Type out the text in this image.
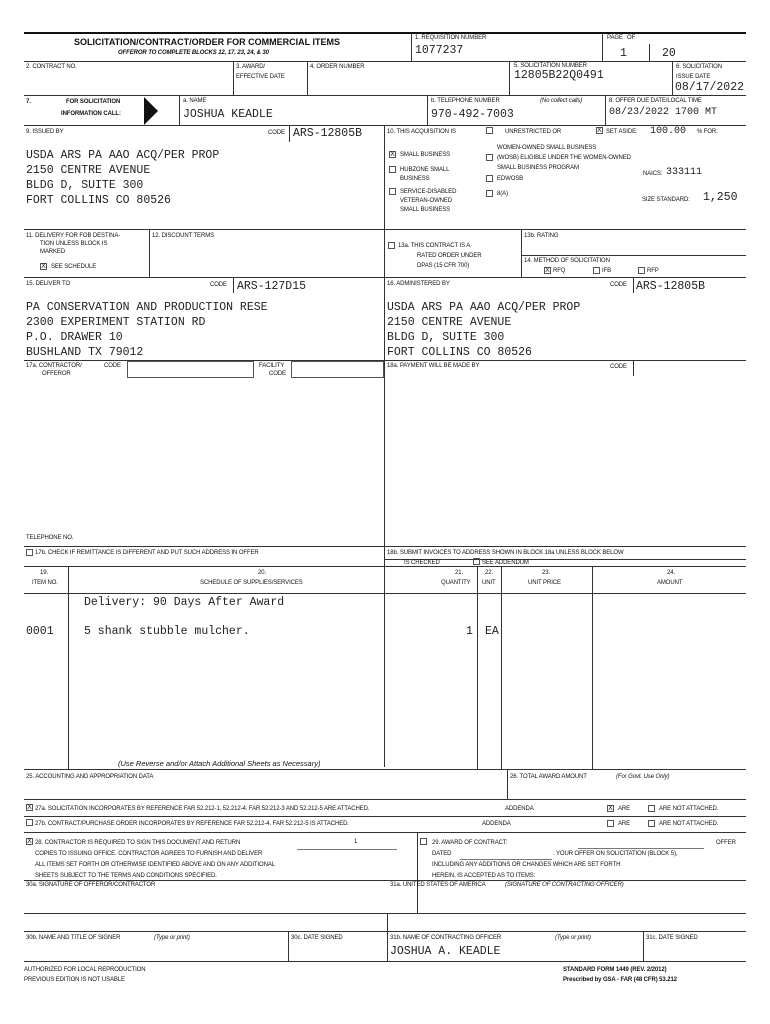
SOLICITATION/CONTRACT/ORDER FOR COMMERCIAL ITEMS
OFFEROR TO COMPLETE BLOCKS 12, 17, 23, 24, & 30
1. REQUISITION NUMBER
1077237
PAGE OF
1	20
2. CONTRACT NO.	3. AWARD/
EFFECTIVE DATE
4. ORDER NUMBER	5. SOLICITATION NUMBER
12805B22Q0491
6. SOLICITATION
ISSUE DATE
08/17/2022
7.	FOR SOLICITATION
INFORMATION CALL:
a. NAME
JOSHUA KEADLE
b. TELEPHONE NUMBER	(No collect calls)
970-492-7003
8. OFFER DUE DATE/LOCAL TIME
08/23/2022 1700 MT
9. ISSUED BY	CODE ARS-12805B
USDA ARS PA AAO ACQ/PER PROP
2150 CENTRE AVENUE
BLDG D, SUITE 300
FORT COLLINS CO 80526
10. THIS ACQUISITION IS	UNRESTRICTED OR	X SET ASIDE: 100.00 % FOR:
X SMALL BUSINESS
HUBZONE SMALL
BUSINESS
SERVICE-DISABLED
VETERAN-OWNED
SMALL BUSINESS
WOMEN-OWNED SMALL BUSINESS
(WOSB) ELIGIBLE UNDER THE WOMEN-OWNED
SMALL BUSINESS PROGRAM
EDWOSB
8(A)
NAICS: 333111
SIZE STANDARD: 1,250
11. DELIVERY FOR FOB DESTINA-
TION UNLESS BLOCK IS
MARKED
X SEE SCHEDULE
12. DISCOUNT TERMS
13a. THIS CONTRACT IS A
RATED ORDER UNDER
DPAS (15 CFR 700)
13b. RATING
14. METHOD OF SOLICITATION
X RFQ	IFB	RFP
15. DELIVER TO	CODE ARS-127D15
PA CONSERVATION AND PRODUCTION RESE
2300 EXPERIMENT STATION RD
P.O. DRAWER 10
BUSHLAND TX 79012
16. ADMINISTERED BY	CODE ARS-12805B
USDA ARS PA AAO ACQ/PER PROP
2150 CENTRE AVENUE
BLDG D, SUITE 300
FORT COLLINS CO 80526
17a. CONTRACTOR/
OFFEROR
CODE	FACILITY
CODE
TELEPHONE NO.
17b. CHECK IF REMITTANCE IS DIFFERENT AND PUT SUCH ADDRESS IN OFFER
18a. PAYMENT WILL BE MADE BY	CODE
18b. SUBMIT INVOICES TO ADDRESS SHOWN IN BLOCK 18a UNLESS BLOCK BELOW
IS CHECKED	SEE ADDENDUM
19.
ITEM NO.
20.
SCHEDULE OF SUPPLIES/SERVICES
21.
QUANTITY
22.
UNIT
23.
UNIT PRICE
24.
AMOUNT
Delivery: 90 Days After Award
0001	5 shank stubble mulcher.	1 EA
(Use Reverse and/or Attach Additional Sheets as Necessary)
25. ACCOUNTING AND APPROPRIATION DATA	26. TOTAL AWARD AMOUNT	(For Govt. Use Only)
X 27a. SOLICITATION INCORPORATES BY REFERENCE FAR 52.212-1, 52.212-4. FAR 52.212-3 AND 52.212-5 ARE ATTACHED.	ADDENDA	X ARE	ARE NOT ATTACHED.
27b. CONTRACT/PURCHASE ORDER INCORPORATES BY REFERENCE FAR 52.212-4. FAR 52.212-5 IS ATTACHED.	ADDENDA	ARE	ARE NOT ATTACHED.
X 28. CONTRACTOR IS REQUIRED TO SIGN THIS DOCUMENT AND RETURN	1
COPIES TO ISSUING OFFICE. CONTRACTOR AGREES TO FURNISH AND DELIVER
ALL ITEMS SET FORTH OR OTHERWISE IDENTIFIED ABOVE AND ON ANY ADDITIONAL
SHEETS SUBJECT TO THE TERMS AND CONDITIONS SPECIFIED.
29. AWARD OF CONTRACT:	OFFER
DATED	. YOUR OFFER ON SOLICITATION (BLOCK 5),
INCLUDING ANY ADDITIONS OR CHANGES WHICH ARE SET FORTH
HEREIN, IS ACCEPTED AS TO ITEMS:
30a. SIGNATURE OF OFFEROR/CONTRACTOR	31a. UNITED STATES OF AMERICA	(SIGNATURE OF CONTRACTING OFFICER)
30b. NAME AND TITLE OF SIGNER	(Type or print)	30c. DATE SIGNED	31b. NAME OF CONTRACTING OFFICER	(Type or print)
JOSHUA A. KEADLE
31c. DATE SIGNED
AUTHORIZED FOR LOCAL REPRODUCTION
PREVIOUS EDITION IS NOT USABLE
STANDARD FORM 1449 (REV. 2/2012)
Prescribed by GSA - FAR (48 CFR) 53.212
